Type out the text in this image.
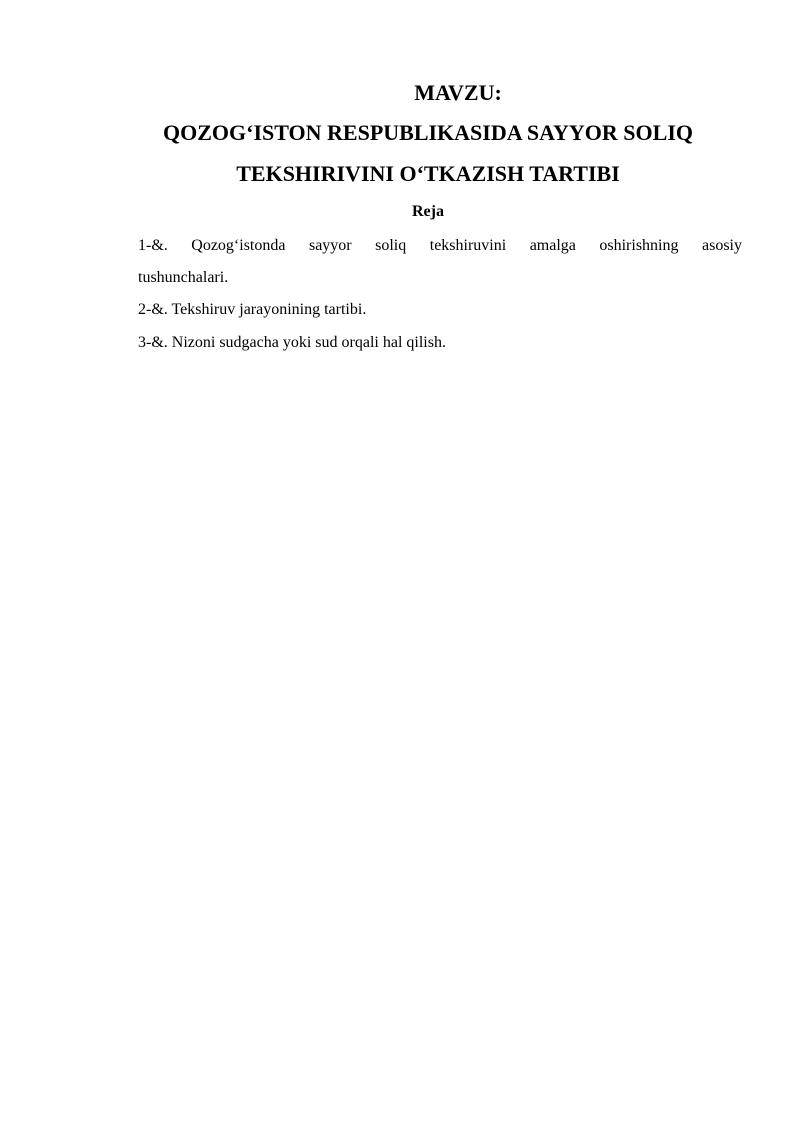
MAVZU:
QOZOG‘ISTON RESPUBLIKASIDA SAYYOR SOLIQ
TEKSHIRIVINI O‘TKAZISH TARTIBI
Reja
1-&. Qozog‘istonda sayyor soliq tekshiruvini amalga oshirishning asosiy
tushunchalari.
2-&. Tekshiruv jarayonining tartibi.
3-&. Nizoni sudgacha yoki sud orqali hal qilish.
